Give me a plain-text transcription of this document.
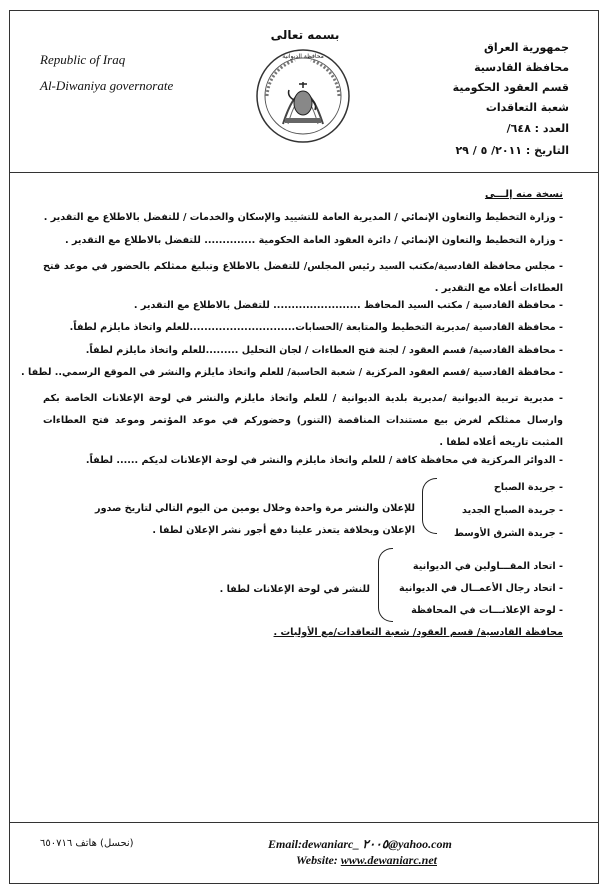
بسمه تعالى
Republic of Iraq
Al-Diwaniya governorate
جمهورية العراق
محافظة القادسية
قسم العقود الحكومية
شعبة التعاقدات
العدد : ٦٤٨/
التاريخ : ٢٠١١/ ٥ / ٢٩
محافظة الديوانية
نسخة منه إلـــى
- وزارة التخطيط والتعاون الإنمائي / المديرية العامة للتشييد والإسكان والخدمات / للتفضل بالاطلاع مع التقدير .
- وزارة التخطيط والتعاون الإنمائي / دائرة العقود العامة الحكومية .............. للتفضل بالاطلاع مع التقدير .
- مجلس محافظة القادسية/مكتب السيد رئيس المجلس/ للتفضل بالاطلاع وتبليغ ممثلكم بالحضور في موعد فتح العطاءات أعلاه مع التقدير .
- محافظة القادسية / مكتب السيد المحافظ ........................ للتفضل بالاطلاع مع التقدير .
- محافظة القادسية /مديرية التخطيط والمتابعة /الحسابات.............................للعلم واتخاذ مايلزم لطفاً.
- محافظة القادسية/ قسم العقود / لجنة فتح العطاءات / لجان التحليل .........للعلم واتخاذ مايلزم لطفاً.
- محافظة القادسية /قسم العقود المركزية / شعبة الحاسبة/ للعلم واتخاذ مايلزم والنشر في الموقع الرسمي.. لطفا .
- مديرية تربية الديوانية /مديرية بلدية الديوانية / للعلم واتخاذ مايلزم والنشر في لوحة الإعلانات الخاصة بكم وارسال ممثلكم لغرض بيع مستندات المناقصة (التنور) وحضوركم في موعد المؤتمر وموعد فتح العطاءات المثبت تاريخه أعلاه لطفا .
- الدوائر المركزية في محافظة كافة / للعلم واتخاذ مايلزم والنشر في لوحة الإعلانات لديكم ...... لطفاً.
- جريدة الصباح
- جريدة الصباح الجديد
- جريدة الشرق الأوسط
للإعلان والنشر مرة واحدة وخلال يومين من اليوم التالي لتاريخ صدور
الإعلان وبخلافة يتعذر علينا دفع أجور نشر الإعلان لطفا .
- اتحاد المقـــاولين في الديوانية
- اتحاد رجال الأعمــال في الديوانية
- لوحة الإعلانـــات في المحافظة
للنشر في لوحة الإعلانات لطفا .
محافظة القادسية/ قسم العقود/ شعبة التعاقدات/مع الأوليات .
Email:dewaniarc_ ٢٠٠٥@yahoo.com
Website: www.dewaniarc.net
(نحسل) هاتف ٦٥٠٧١٦
